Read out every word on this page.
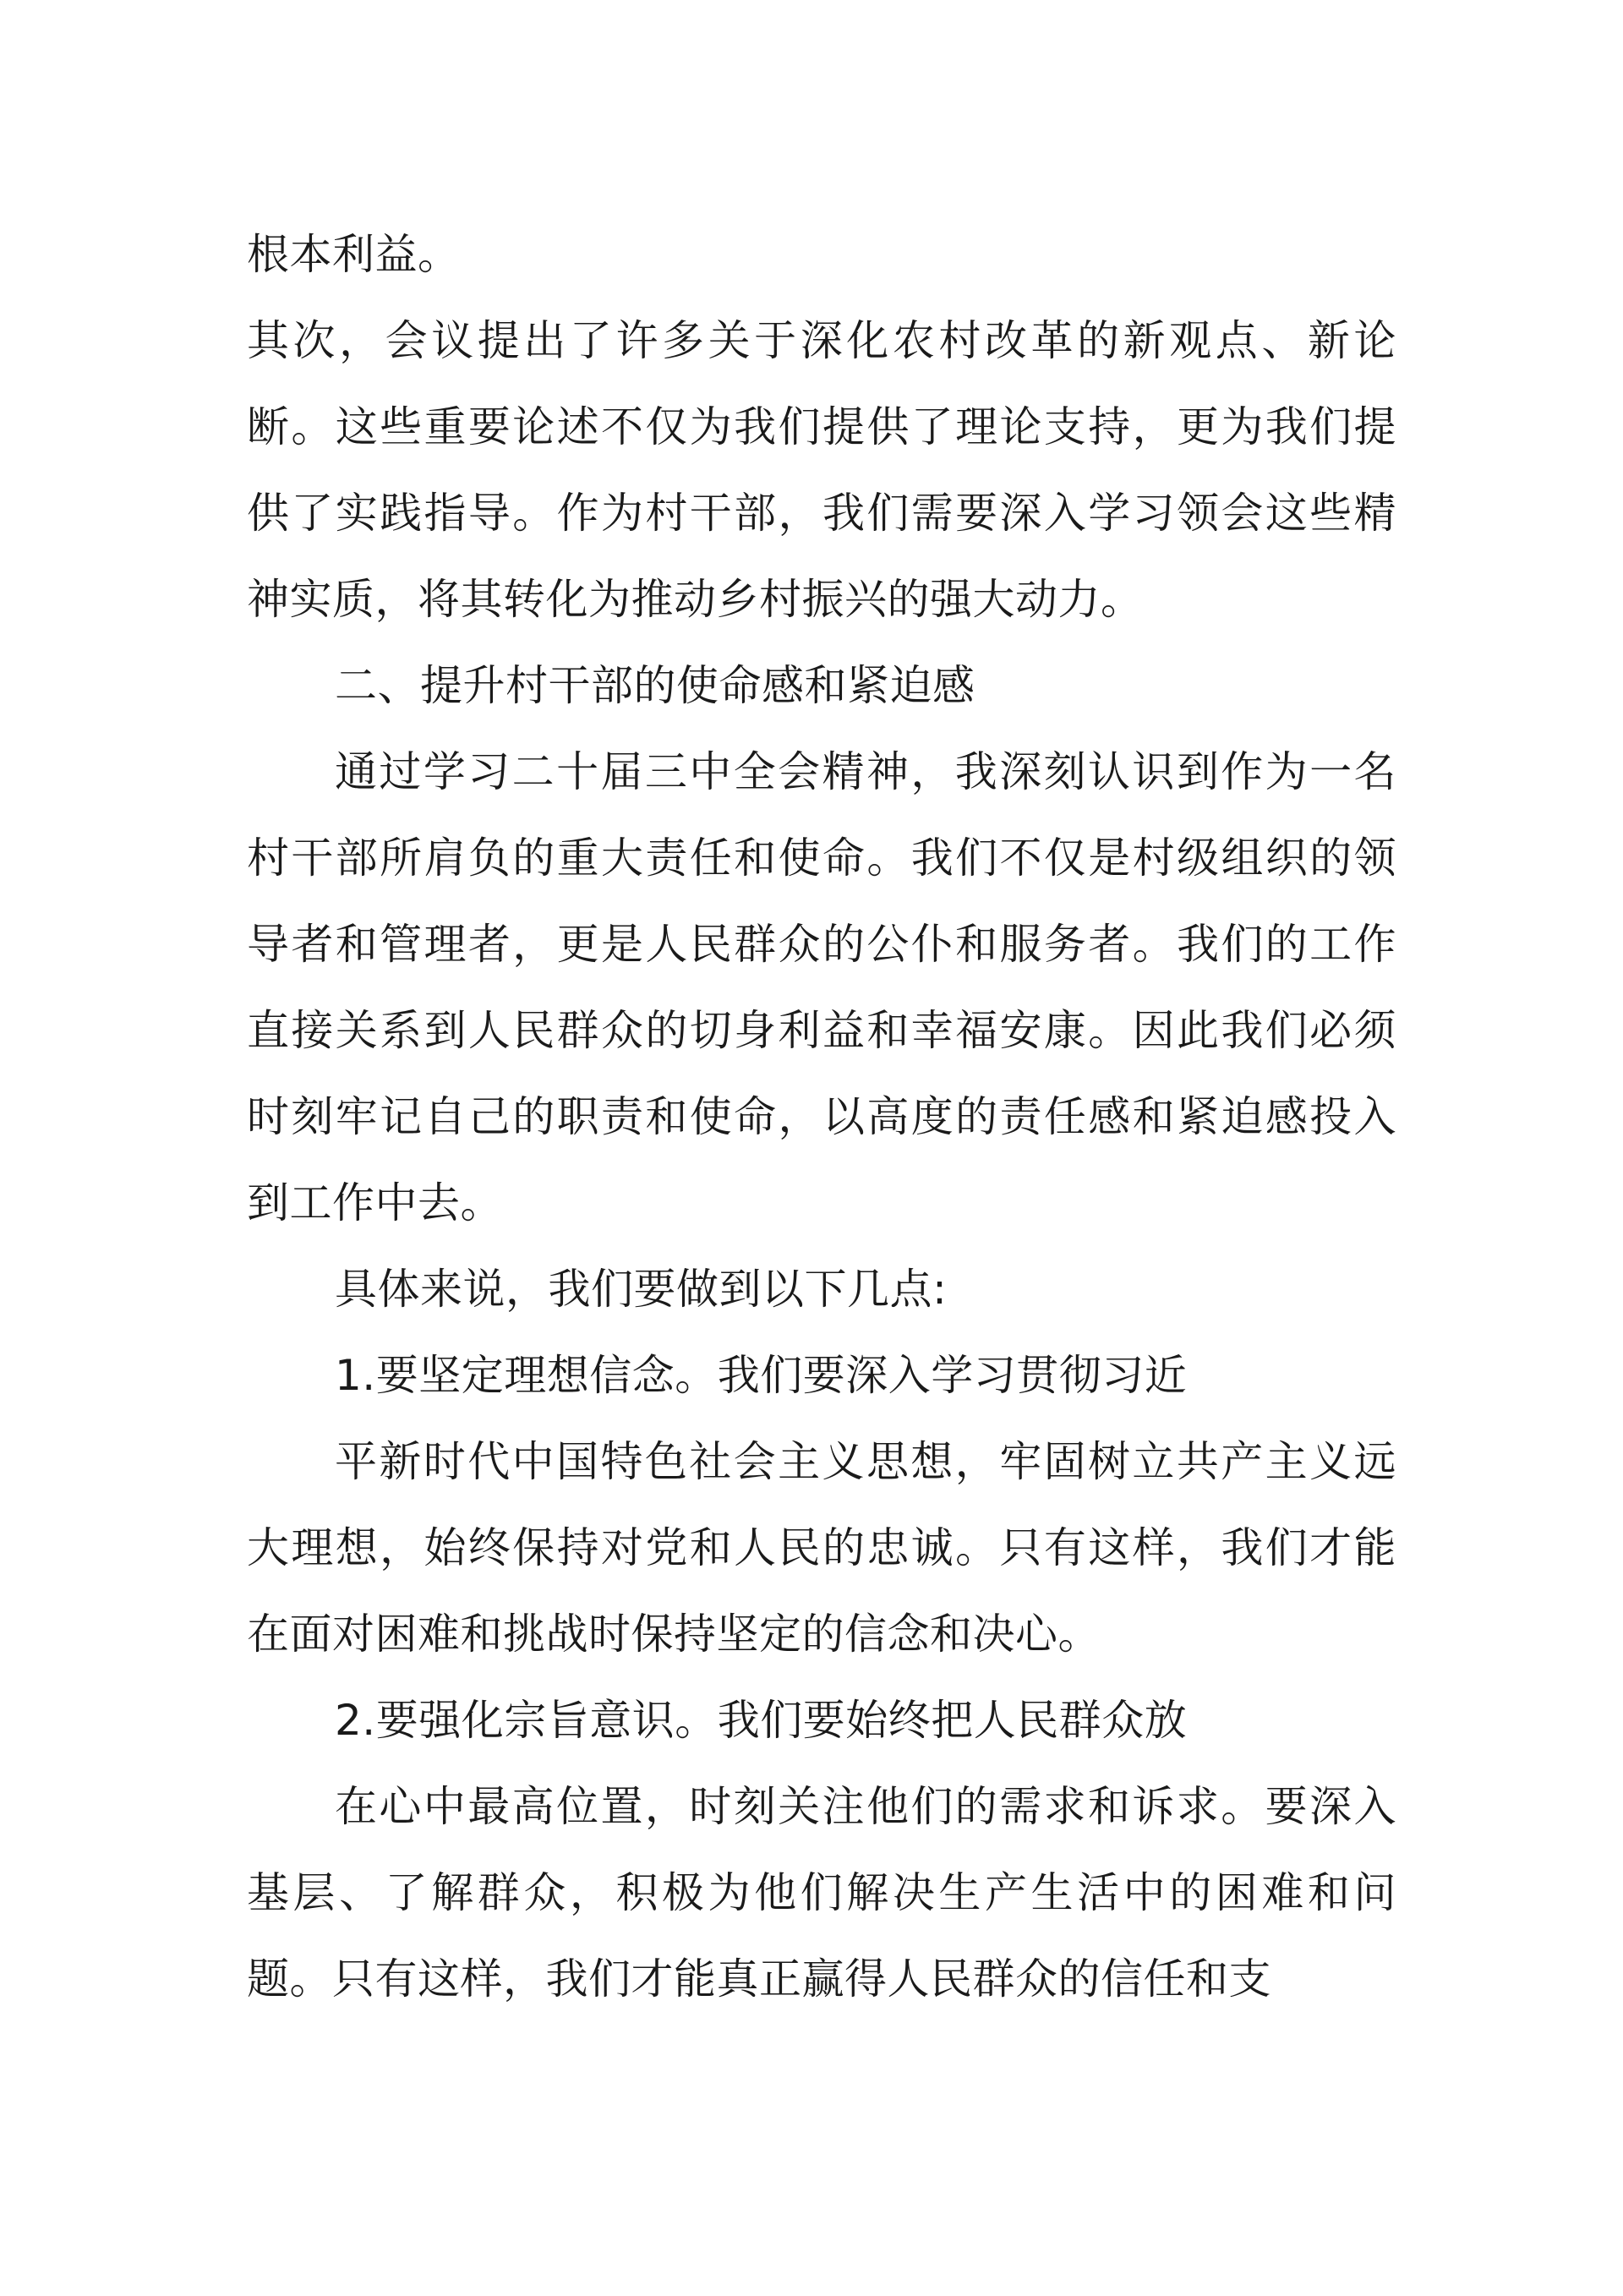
根本利益。

其次，会议提出了许多关于深化农村改革的新观点、新论断。这些重要论述不仅为我们提供了理论支持，更为我们提供了实践指导。作为村干部，我们需要深入学习领会这些精神实质，将其转化为推动乡村振兴的强大动力。

二、提升村干部的使命感和紧迫感

通过学习二十届三中全会精神，我深刻认识到作为一名村干部所肩负的重大责任和使命。我们不仅是村级组织的领导者和管理者，更是人民群众的公仆和服务者。我们的工作直接关系到人民群众的切身利益和幸福安康。因此我们必须时刻牢记自己的职责和使命，以高度的责任感和紧迫感投入到工作中去。

具体来说，我们要做到以下几点:

1.要坚定理想信念。我们要深入学习贯彻习近

平新时代中国特色社会主义思想，牢固树立共产主义远大理想，始终保持对党和人民的忠诚。只有这样，我们才能在面对困难和挑战时保持坚定的信念和决心。

2.要强化宗旨意识。我们要始终把人民群众放

在心中最高位置，时刻关注他们的需求和诉求。要深入基层、了解群众，积极为他们解决生产生活中的困难和问题。只有这样，我们才能真正赢得人民群众的信任和支
